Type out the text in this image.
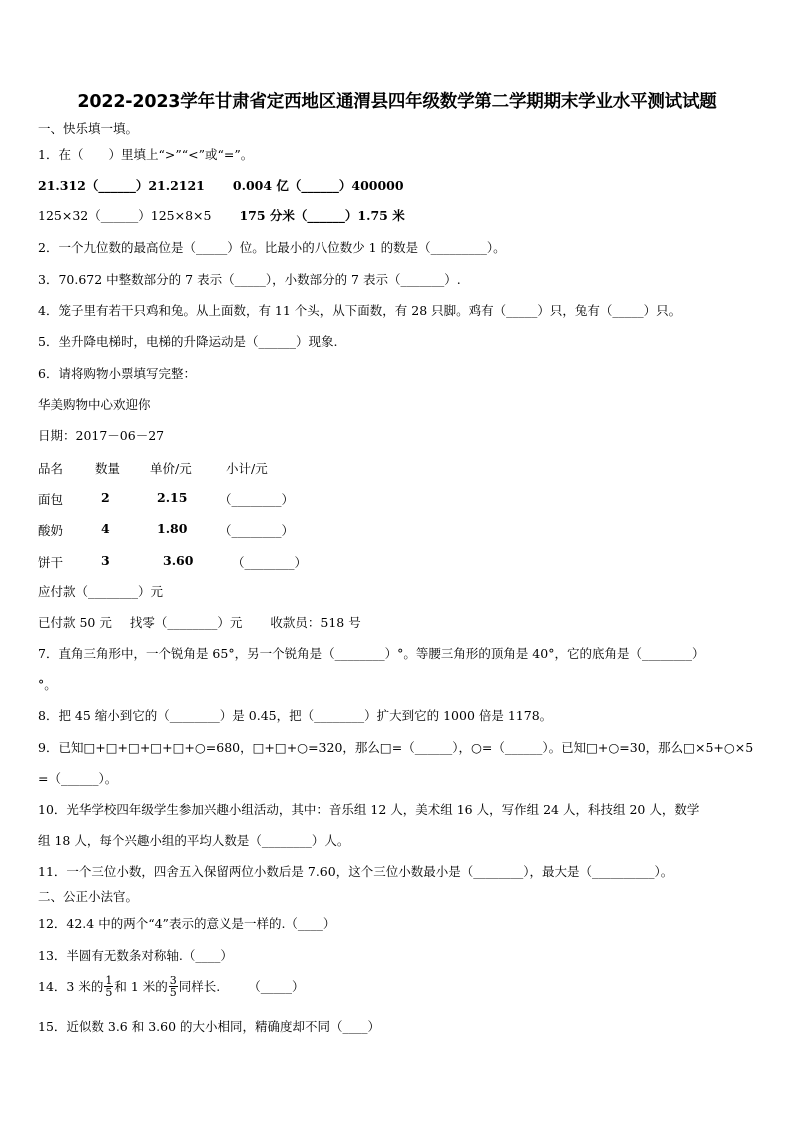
2022-2023学年甘肃省定西地区通渭县四年级数学第二学期期末学业水平测试试题
一、快乐填一填。
1．在（　　）里填上“>”“<”或“=”。
21.312（______）21.2121 0.004 亿（______）400000
125×32（______）125×8×5 175 分米（______）1.75 米
2．一个九位数的最高位是（_____）位。比最小的八位数少 1 的数是（_________）。
3．70.672 中整数部分的 7 表示（_____），小数部分的 7 表示（_______）.
4．笼子里有若干只鸡和兔。从上面数，有 11 个头，从下面数，有 28 只脚。鸡有（_____）只，兔有（_____）只。
5．坐升降电梯时，电梯的升降运动是（______）现象.
6．请将购物小票填写完整：
华美购物中心欢迎你
日期：2017－06－27
品名	数量 单价/元	小计/元
面包	2	2.15	（________）
酸奶	4	1.80	（________）
饼干	3	3.60	（________）
应付款（________）元
已付款 50 元 找零（________）元 收款员：518 号
7．直角三角形中，一个锐角是 65°，另一个锐角是（________）°。等腰三角形的顶角是 40°，它的底角是（________）
°。
8．把 45 缩小到它的（________）是 0.45，把（________）扩大到它的 1000 倍是 1178。
9．已知□+□+□+□+□+○=680，□+□+○=320，那么□=（______），○=（______）。已知□+○=30，那么□×5+○×5
=（______）。
10．光华学校四年级学生参加兴趣小组活动，其中：音乐组 12 人，美术组 16 人，写作组 24 人，科技组 20 人，数学
组 18 人，每个兴趣小组的平均人数是（________）人。
11．一个三位小数，四舍五入保留两位小数后是 7.60，这个三位小数最小是（________），最大是（__________）。
二、公正小法官。
12．42.4 中的两个“4”表示的意义是一样的.（____）
13．半圆有无数条对称轴.（____）
14．3 米的 $\frac{1}{5}$ 和 1 米的 $\frac{3}{5}$ 同样长. （_____）
15．近似数 3.6 和 3.60 的大小相同，精确度却不同（____）
